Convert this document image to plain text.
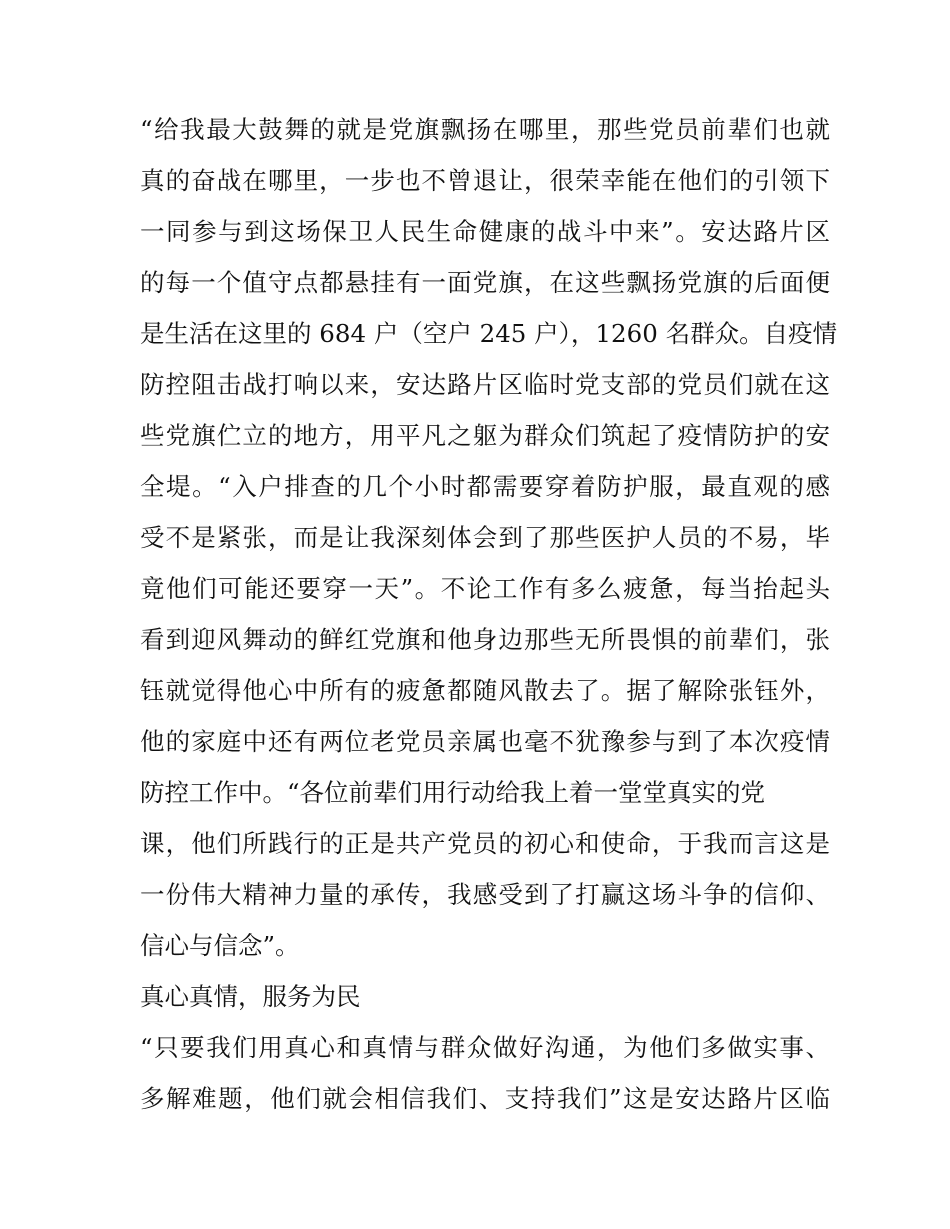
“给我最大鼓舞的就是党旗飘扬在哪里，那些党员前辈们也就
真的奋战在哪里，一步也不曾退让，很荣幸能在他们的引领下
一同参与到这场保卫人民生命健康的战斗中来”。安达路片区
的每一个值守点都悬挂有一面党旗，在这些飘扬党旗的后面便
是生活在这里的 684 户（空户 245 户），1260 名群众。自疫情
防控阻击战打响以来，安达路片区临时党支部的党员们就在这
些党旗伫立的地方，用平凡之躯为群众们筑起了疫情防护的安
全堤。“入户排查的几个小时都需要穿着防护服，最直观的感
受不是紧张，而是让我深刻体会到了那些医护人员的不易，毕
竟他们可能还要穿一天”。不论工作有多么疲惫，每当抬起头
看到迎风舞动的鲜红党旗和他身边那些无所畏惧的前辈们，张
钰就觉得他心中所有的疲惫都随风散去了。据了解除张钰外，
他的家庭中还有两位老党员亲属也毫不犹豫参与到了本次疫情
防控工作中。“各位前辈们用行动给我上着一堂堂真实的党
课，他们所践行的正是共产党员的初心和使命，于我而言这是
一份伟大精神力量的承传，我感受到了打赢这场斗争的信仰、
信心与信念”。
真心真情，服务为民
“只要我们用真心和真情与群众做好沟通，为他们多做实事、
多解难题，他们就会相信我们、支持我们”这是安达路片区临
